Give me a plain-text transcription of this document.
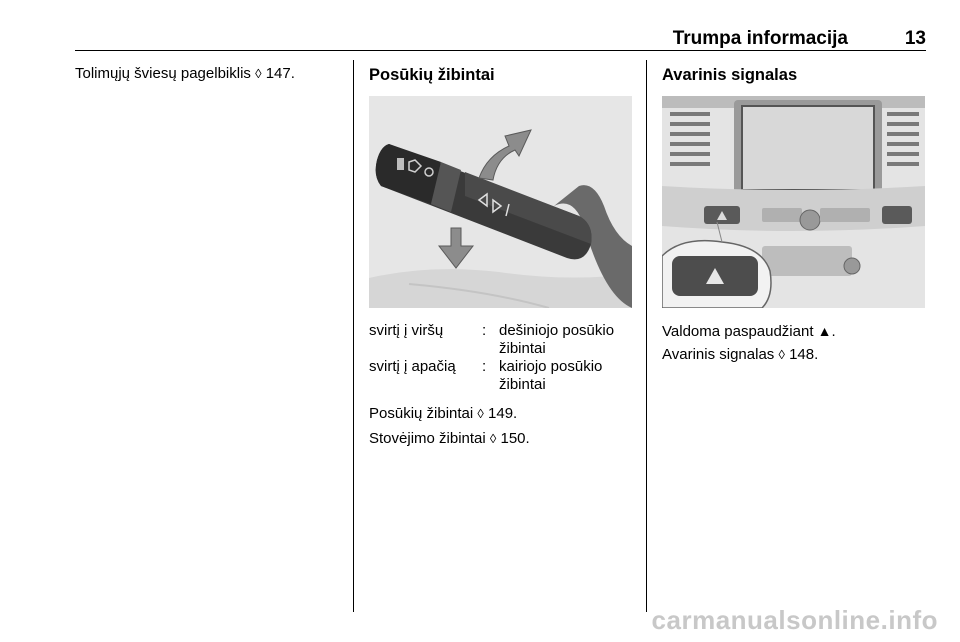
Trumpa informacija	13

Tolimųjų šviesų pagelbiklis ◊ 147.	Posūkių žibintai
svirtį į viršų	: dešiniojo posūkio žibintai
svirtį į apačią : kairiojo posūkio žibintai
Posūkių žibintai ◊ 149.
Stovėjimo žibintai ◊ 150.
Avarinis signalas
Valdoma paspaudžiant ▲.
Avarinis signalas ◊ 148.
carmanualsonline.info
